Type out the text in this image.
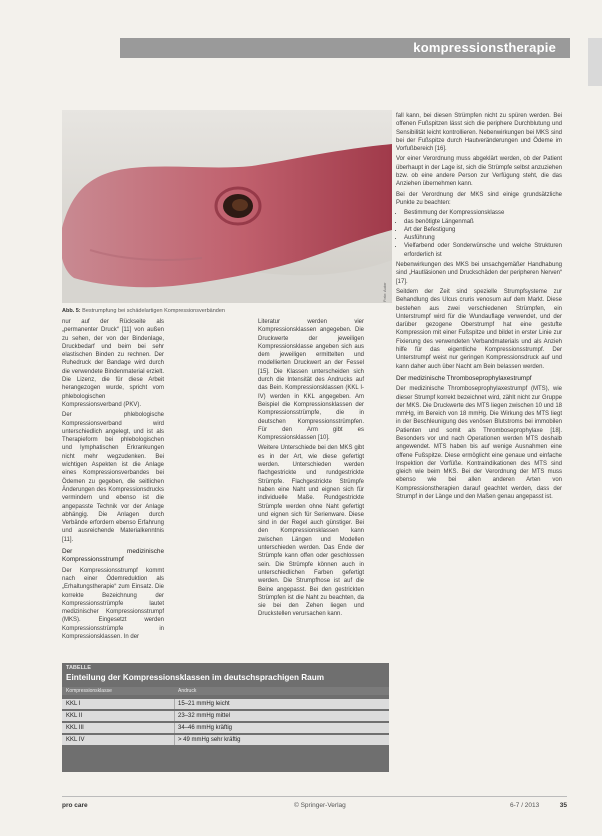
kompressionstherapie
Foto: Autor
Abb. 5: Bestrumpfung bei schädelartigen Kompressionsverbänden

nur auf der Rückseite als „permanenter Druck“ [11] von außen zu sehen, der von der Bindenlage, Druckbedarf und beim bei sehr elastischen Binden zu rechnen. Der Ruhedruck der Bandage wird durch die verwendete Bindenmaterial erzielt. Die Lizenz, die für diese Arbeit herangezogen wurde, spricht vom phlebologischen Kompressionsverband (PKV).

Der phlebologische Kompressionsverband wird unterschiedlich angelegt, und ist als Therapieform bei phlebologischen und lymphatischen Erkrankungen nicht mehr wegzudenken. Bei wichtigen Aspekten ist die Anlage eines Kompressionsverbandes bei Ödemen zu gegeben, die seitlichen Änderungen des Kompressionsdrucks vermindern und ebenso ist die angepasste Technik vor der Anlage abhängig. Die Anlagen durch Verbände erfordern ebenso Erfahrung und ausreichende Materialkenntnis [11].

Der medizinische Kompressionsstrumpf

Der Kompressionsstrumpf kommt nach einer Ödemreduktion als „Erhaltungstherapie“ zum Einsatz. Die korrekte Bezeichnung der Kompressionsstrümpfe lautet medizinischer Kompressionsstrumpf (MKS). Eingesetzt werden Kompressionsstrümpfe in Kompressionsklassen. In der

Literatur werden vier Kompressionsklassen angegeben. Die Druckwerte der jeweiligen Kompressionsklasse angeben sich aus dem jeweiligen ermittelten und modellierten Druckwert an der Fessel [15]. Die Klassen unterscheiden sich durch die Intensität des Andrucks auf das Bein. Kompressionsklassen (KKL I-IV) werden in KKL angegeben. Am Beispiel die Kompressionsklassen der Kompressionsstrümpfe, die in deutschen Kompressionsstrümpfen. Für den Arm gibt es Kompressionsklassen [10].

Weitere Unterschiede bei den MKS gibt es in der Art, wie diese gefertigt werden. Unterschieden werden flachgestrickte und rundgestrickte Strümpfe. Flachgestrickte Strümpfe haben eine Naht und eignen sich für individuelle Maße. Rundgestrickte Strümpfe werden ohne Naht gefertigt und eignen sich für Serienware. Diese sind in der Regel auch günstiger. Bei den Kompressionsklassen kann zwischen Längen und Modellen unterschieden werden. Das Ende der Strümpfe kann offen oder geschlossen sein. Die Strümpfe können auch in unterschiedlichen Farben gefertigt werden. Die Strumpfhose ist auf die Beine angepasst. Bei den gestrickten Strümpfen ist die Naht zu beachten, da sie bei den Zehen liegen und Druckstellen verursachen kann.

fall kann, bei diesen Strümpfen nicht zu spüren werden. Bei offenen Fußspitzen lässt sich die periphere Durchblutung und Sensibilität leicht kontrollieren. Nebenwirkungen bei MKS sind bei der Fußspitze durch Hautveränderungen und Ödeme im Vorfußbereich [16].

Vor einer Verordnung muss abgeklärt werden, ob der Patient überhaupt in der Lage ist, sich die Strümpfe selbst anzuziehen bzw. ob eine andere Person zur Verfügung steht, die das Anziehen übernehmen kann.

Bei der Verordnung der MKS sind einige grundsätzliche Punkte zu beachten:

• Bestimmung der Kompressionsklasse
• das benötigte Längenmaß
• Art der Befestigung
• Ausführung
• Vielfarbend oder Sonderwünsche und welche Strukturen erforderlich ist

Nebenwirkungen des MKS bei unsachgemäßer Handhabung sind „Hautläsionen und Druckschäden der peripheren Nerven“ [17].

Seitdem der Zeit sind spezielle Strumpfsysteme zur Behandlung des Ulcus cruris venosum auf dem Markt. Diese bestehen aus zwei verschiedenen Strümpfen, ein Unterstrumpf wird für die Wundauflage verwendet, und der darüber gezogene Oberstrumpf hat eine gestufte Kompression mit einer Fußspitze und bildet in erster Linie zur Fixierung des verwendeten Verbandmaterials und als Anzieh hilfe für das eigentliche Kompressionsstrumpf. Der Unterstrumpf weist nur geringen Kompressionsdruck auf und kann daher auch über Nacht am Bein belassen werden.

Der medizinische Thromboseprophylaxestrumpf

Der medizinische Thromboseprophylaxestrumpf (MTS), wie dieser Strumpf korrekt bezeichnet wird, zählt nicht zur Gruppe der MKS. Die Druckwerte des MTS liegen zwischen 10 und 18 mmHg, im Bereich von 18 mmHg. Die Wirkung des MTS liegt in der Beschleunigung des venösen Blutstroms bei immobilen Patienten und somit als Thromboseprophylaxe [18]. Besonders vor und nach Operationen werden MTS deshalb angewendet. MTS haben bis auf wenige Ausnahmen eine offene Fußspitze. Diese ermöglicht eine genaue und einfache Inspektion der Vorfüße. Kontraindikationen des MTS sind gleich wie beim MKS. Bei der Verordnung der MTS muss ebenso wie bei allen anderen Arten von Kompressionstherapien darauf geachtet werden, dass der Strumpf in der Länge und den Maßen genau angepasst ist.

TABELLE
Einteilung der Kompressionsklassen im deutschsprachigen Raum
Kompressionsklasse	Andruck
KKL I	15–21 mmHg leicht
KKL II	23–32 mmHg mittel
KKL III	34–46 mmHg kräftig
KKL IV	> 49 mmHg sehr kräftig
pro care	© Springer-Verlag	6-7 / 2013	35
